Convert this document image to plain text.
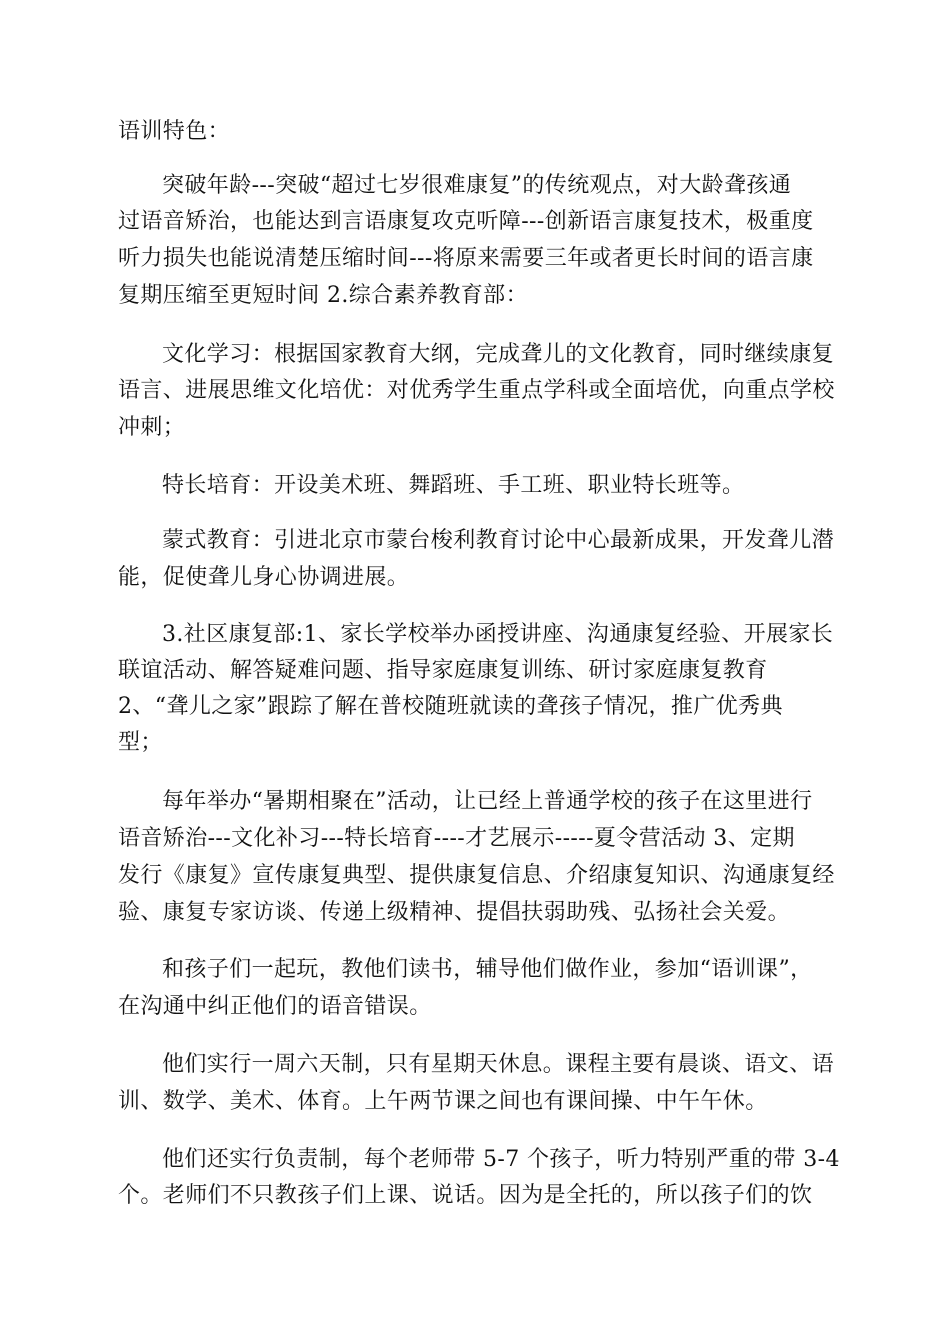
语训特色：
突破年龄---突破“超过七岁很难康复”的传统观点，对大龄聋孩通
过语音矫治，也能达到言语康复攻克听障---创新语言康复技术，极重度
听力损失也能说清楚压缩时间---将原来需要三年或者更长时间的语言康
复期压缩至更短时间 2.综合素养教育部：
文化学习：根据国家教育大纲，完成聋儿的文化教育，同时继续康复
语言、进展思维文化培优：对优秀学生重点学科或全面培优，向重点学校
冲刺；
特长培育：开设美术班、舞蹈班、手工班、职业特长班等。
蒙式教育：引进北京市蒙台梭利教育讨论中心最新成果，开发聋儿潜
能，促使聋儿身心协调进展。
3.社区康复部:1、家长学校举办函授讲座、沟通康复经验、开展家长
联谊活动、解答疑难问题、指导家庭康复训练、研讨家庭康复教育
2、“聋儿之家”跟踪了解在普校随班就读的聋孩子情况，推广优秀典
型；
每年举办“暑期相聚在”活动，让已经上普通学校的孩子在这里进行
语音矫治---文化补习---特长培育----才艺展示-----夏令营活动 3、定期
发行《康复》宣传康复典型、提供康复信息、介绍康复知识、沟通康复经
验、康复专家访谈、传递上级精神、提倡扶弱助残、弘扬社会关爱。
和孩子们一起玩，教他们读书，辅导他们做作业，参加“语训课”，
在沟通中纠正他们的语音错误。
他们实行一周六天制，只有星期天休息。课程主要有晨谈、语文、语
训、数学、美术、体育。上午两节课之间也有课间操、中午午休。
他们还实行负责制，每个老师带 5-7 个孩子，听力特别严重的带 3-4
个。老师们不只教孩子们上课、说话。因为是全托的，所以孩子们的饮
